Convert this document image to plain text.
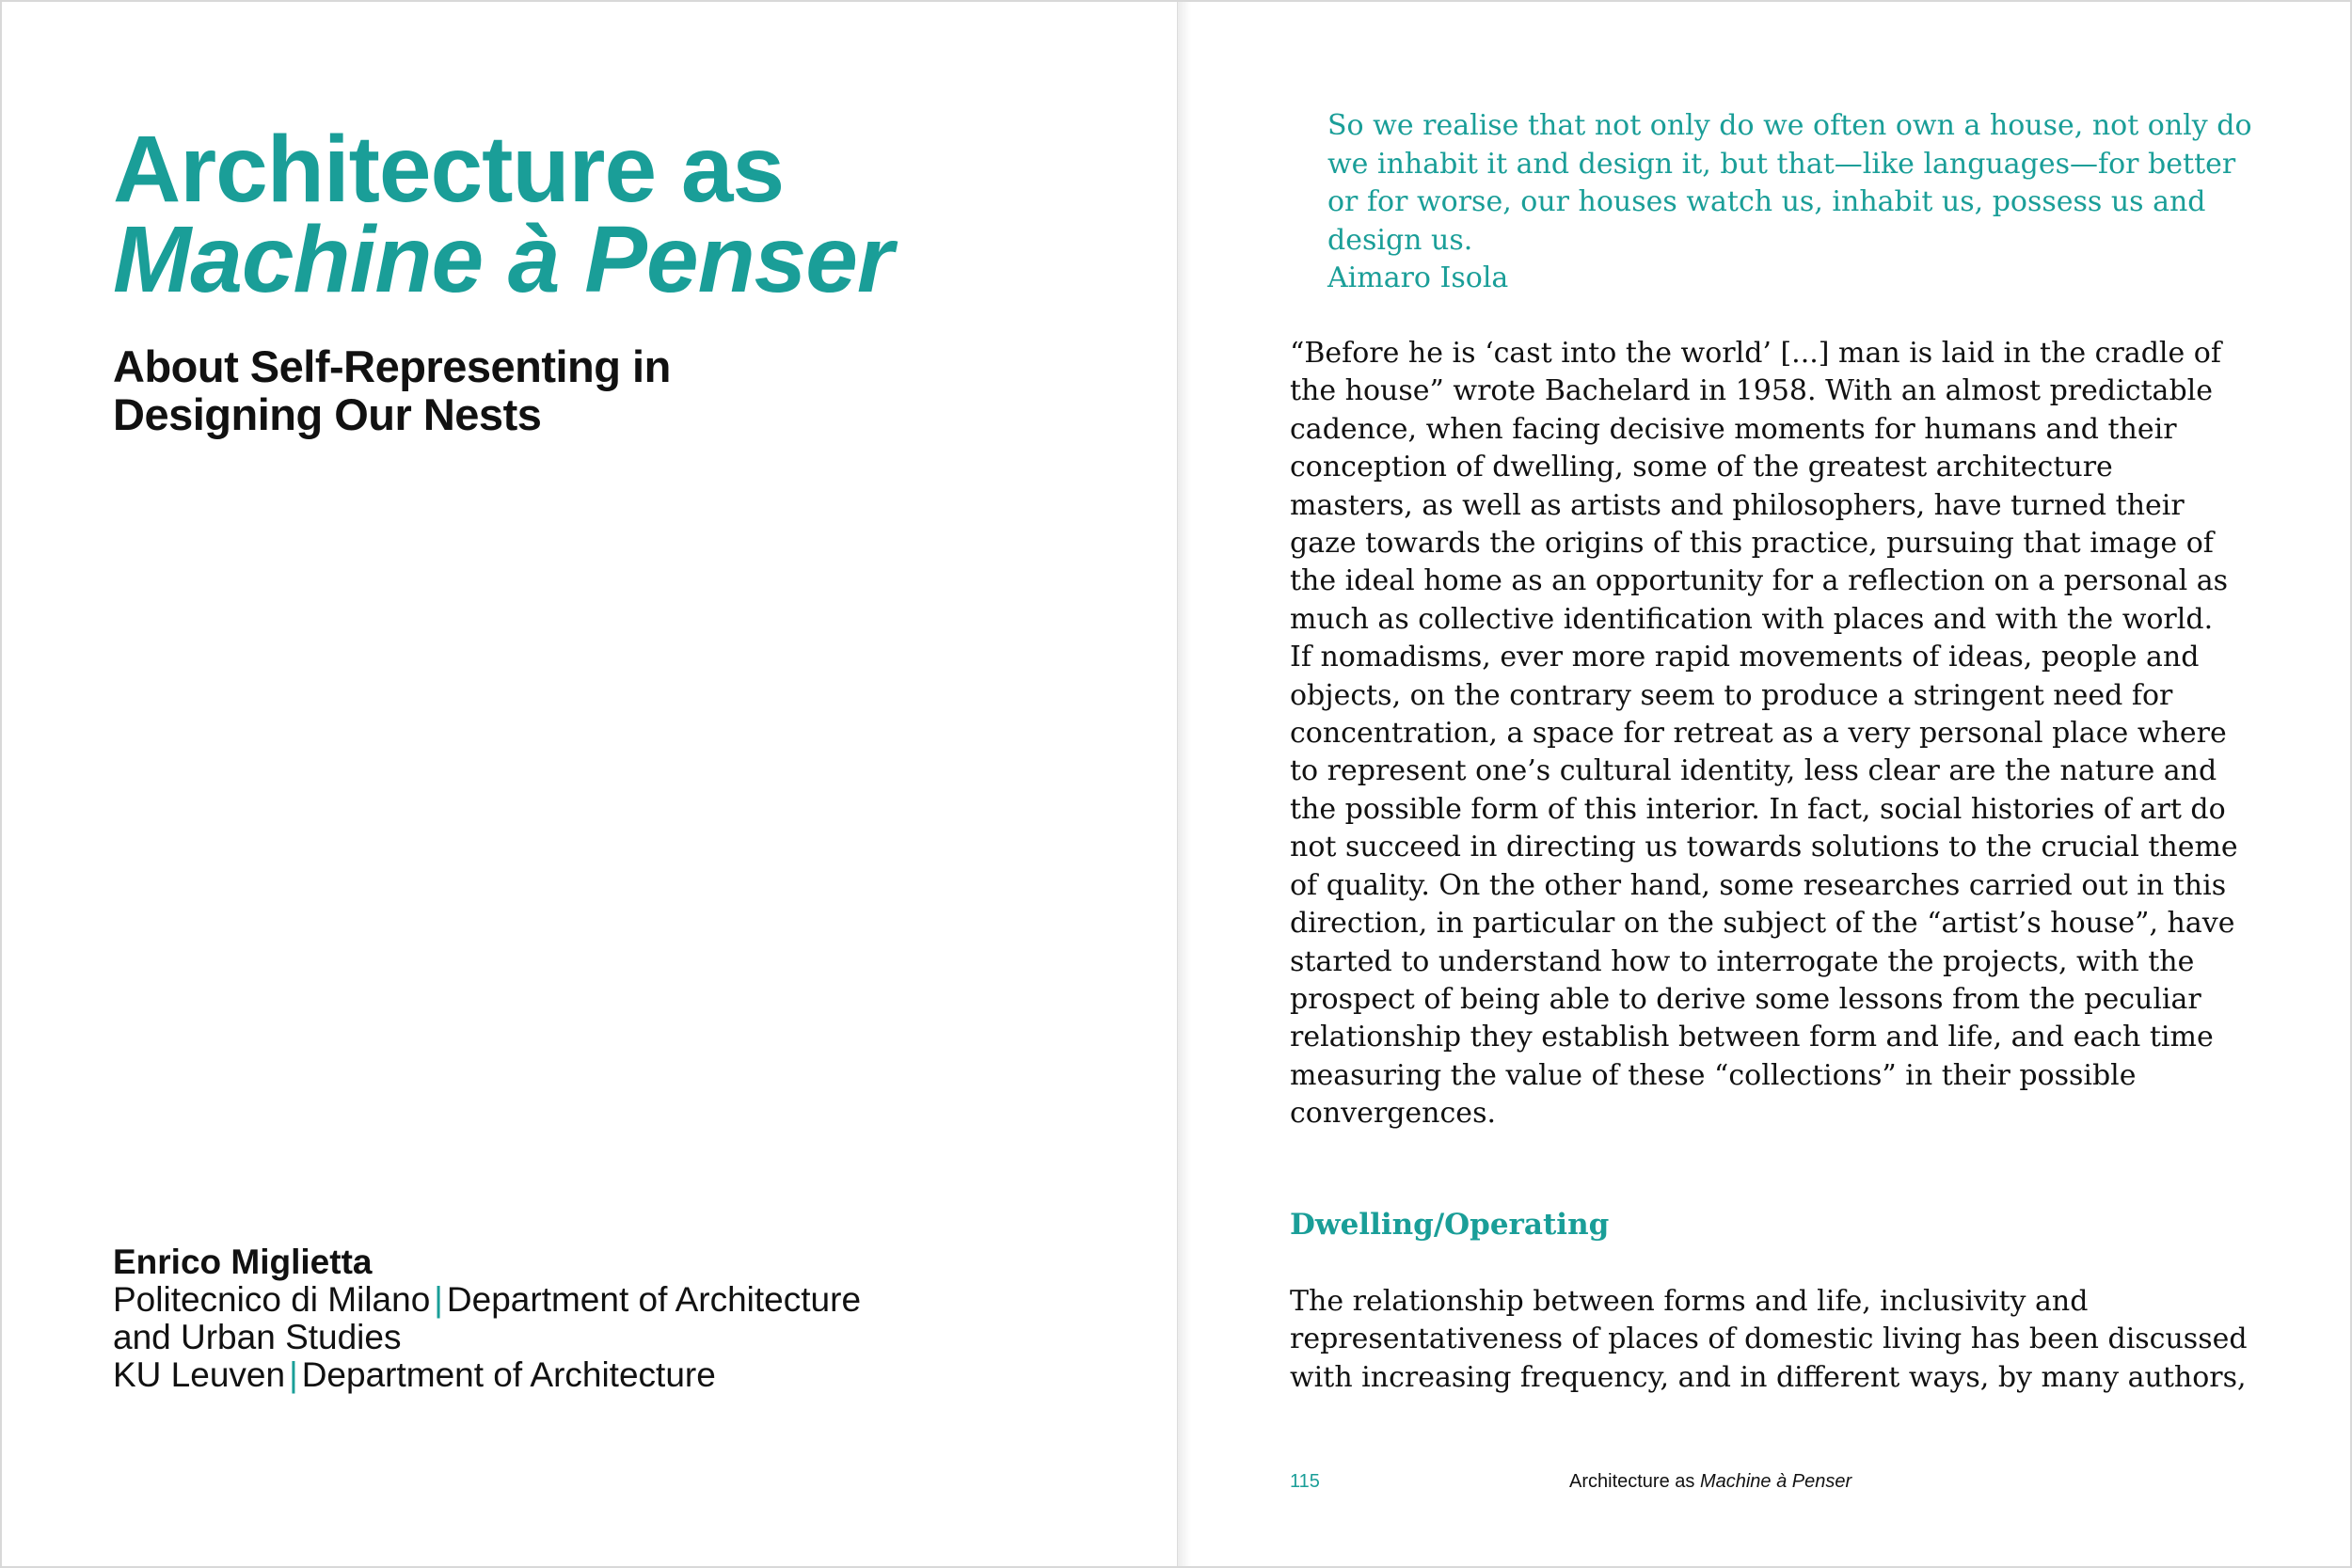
Architecture as
Machine à Penser
About Self-Representing in
Designing Our Nests
Enrico Miglietta
Politecnico di Milano | Department of Architecture
and Urban Studies
KU Leuven | Department of Architecture
So we realise that not only do we often own a house, not only do
we inhabit it and design it, but that—like languages—for better
or for worse, our houses watch us, inhabit us, possess us and
design us.
Aimaro Isola
“Before he is ‘cast into the world’ [...] man is laid in the cradle of
the house” wrote Bachelard in 1958. With an almost predictable
cadence, when facing decisive moments for humans and their
conception of dwelling, some of the greatest architecture
masters, as well as artists and philosophers, have turned their
gaze towards the origins of this practice, pursuing that image of
the ideal home as an opportunity for a reflection on a personal as
much as collective identification with places and with the world.
If nomadisms, ever more rapid movements of ideas, people and
objects, on the contrary seem to produce a stringent need for
concentration, a space for retreat as a very personal place where
to represent one’s cultural identity, less clear are the nature and
the possible form of this interior. In fact, social histories of art do
not succeed in directing us towards solutions to the crucial theme
of quality. On the other hand, some researches carried out in this
direction, in particular on the subject of the “artist’s house”, have
started to understand how to interrogate the projects, with the
prospect of being able to derive some lessons from the peculiar
relationship they establish between form and life, and each time
measuring the value of these “collections” in their possible
convergences.
Dwelling/Operating
The relationship between forms and life, inclusivity and
representativeness of places of domestic living has been discussed
with increasing frequency, and in different ways, by many authors,
115	Architecture as Machine à Penser
